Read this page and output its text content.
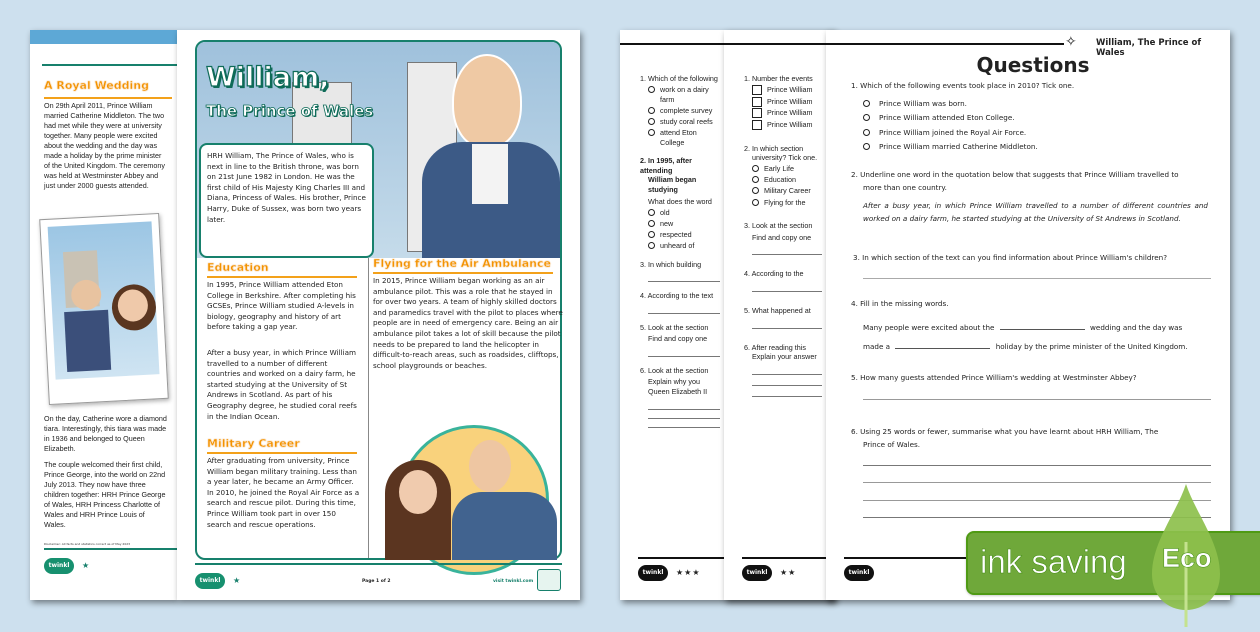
A Royal Wedding
On 29th April 2011, Prince William married Catherine Middleton. The two had met while they were at university together. Many people were excited about the wedding and the day was made a holiday by the prime minister of the United Kingdom. The ceremony was held at Westminster Abbey and just under 2000 guests attended.
On the day, Catherine wore a diamond tiara. Interestingly, this tiara was made in 1936 and belonged to Queen Elizabeth.
The couple welcomed their first child, Prince George, into the world on 22nd July 2013. They now have three children together: HRH Prince George of Wales, HRH Princess Charlotte of Wales and HRH Prince Louis of Wales.
Disclaimer: All facts and statistics correct as of May 2023
twinkl	★
William,
The Prince of Wales
HRH William, The Prince of Wales, who is next in line to the British throne, was born on 21st June 1982 in London. He was the first child of His Majesty King Charles III and Diana, Princess of Wales. His brother, Prince Harry, Duke of Sussex, was born two years later.
Education
In 1995, Prince William attended Eton College in Berkshire. After completing his GCSEs, Prince William studied A-levels in biology, geography and history of art before taking a gap year.
After a busy year, in which Prince William travelled to a number of different countries and worked on a dairy farm, he started studying at the University of St Andrews in Scotland. As part of his Geography degree, he studied coral reefs in the Indian Ocean.
Military Career
After graduating from university, Prince William began military training. Less than a year later, he became an Army Officer. In 2010, he joined the Royal Air Force as a search and rescue pilot. During this time, Prince William took part in over 150 search and rescue operations.
Flying for the Air Ambulance
In 2015, Prince William began working as an air ambulance pilot. This was a role that he stayed in for over two years. A team of highly skilled doctors and paramedics travel with the pilot to places where people are in need of emergency care. Being an air ambulance pilot takes a lot of skill because the pilot needs to be prepared to land the helicopter in difficult-to-reach areas, such as roadsides, clifftops, school playgrounds or beaches.
twinkl	★	Page 1 of 2	visit twinkl.com
1. Which of the following
work on a dairy farm
complete survey
study coral reefs
attend Eton College
2. In 1995, after attending
William began studying
What does the word
old
new
respected
unheard of
3. In which building
4. According to the text
5. Look at the section
Find and copy one
6. Look at the section
Explain why you
Queen Elizabeth II
twinkl	★★★
1. Number the events
Prince William
Prince William
Prince William
Prince William
2. In which section
university? Tick one.
Early Life
Education
Military Career
Flying for the
3. Look at the section
Find and copy one
4. According to the
5. What happened at
6. After reading this
Explain your answer
twinkl	★★
✧ William, The Prince of Wales
Questions
1. Which of the following events took place in 2010? Tick one.
Prince William was born.
Prince William attended Eton College.
Prince William joined the Royal Air Force.
Prince William married Catherine Middleton.
2. Underline one word in the quotation below that suggests that Prince William travelled to
more than one country.
After a busy year, in which Prince William travelled to a number of different countries and worked on a dairy farm, he started studying at the University of St Andrews in Scotland.
3. In which section of the text can you find information about Prince William's children?
4. Fill in the missing words.
Many people were excited about the	wedding and the day was
made a	holiday by the prime minister of the United Kingdom.
5. How many guests attended Prince William's wedding at Westminster Abbey?
6. Using 25 words or fewer, summarise what you have learnt about HRH William, The
Prince of Wales.
twinkl	ink saving Eco
